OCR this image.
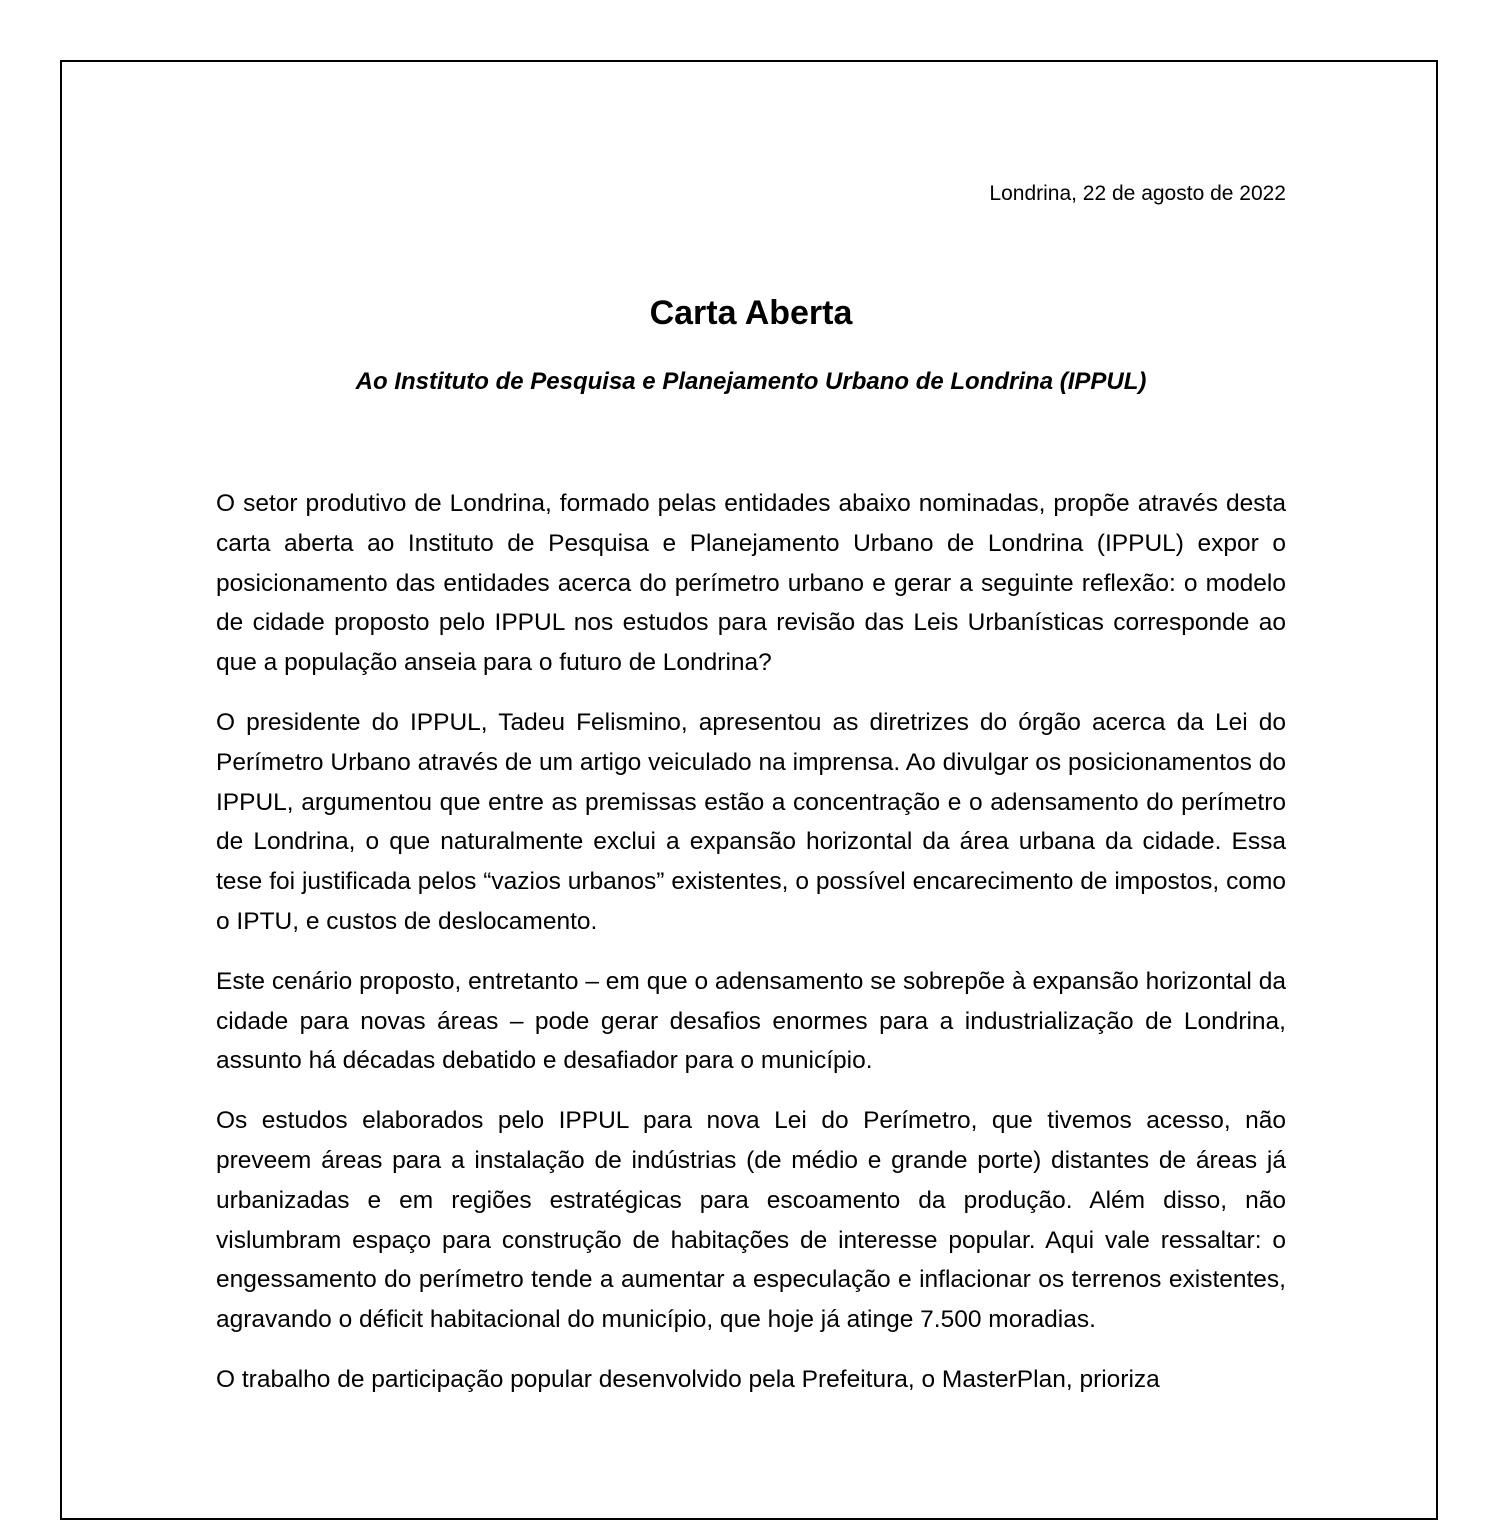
Londrina, 22 de agosto de 2022
Carta Aberta
Ao Instituto de Pesquisa e Planejamento Urbano de Londrina (IPPUL)

O setor produtivo de Londrina, formado pelas entidades abaixo nominadas, propõe através desta carta aberta ao Instituto de Pesquisa e Planejamento Urbano de Londrina (IPPUL) expor o posicionamento das entidades acerca do perímetro urbano e gerar a seguinte reflexão: o modelo de cidade proposto pelo IPPUL nos estudos para revisão das Leis Urbanísticas corresponde ao que a população anseia para o futuro de Londrina?

O presidente do IPPUL, Tadeu Felismino, apresentou as diretrizes do órgão acerca da Lei do Perímetro Urbano através de um artigo veiculado na imprensa. Ao divulgar os posicionamentos do IPPUL, argumentou que entre as premissas estão a concentração e o adensamento do perímetro de Londrina, o que naturalmente exclui a expansão horizontal da área urbana da cidade. Essa tese foi justificada pelos “vazios urbanos” existentes, o possível encarecimento de impostos, como o IPTU, e custos de deslocamento.

Este cenário proposto, entretanto – em que o adensamento se sobrepõe à expansão horizontal da cidade para novas áreas – pode gerar desafios enormes para a industrialização de Londrina, assunto há décadas debatido e desafiador para o município.

Os estudos elaborados pelo IPPUL para nova Lei do Perímetro, que tivemos acesso, não preveem áreas para a instalação de indústrias (de médio e grande porte) distantes de áreas já urbanizadas e em regiões estratégicas para escoamento da produção. Além disso, não vislumbram espaço para construção de habitações de interesse popular. Aqui vale ressaltar: o engessamento do perímetro tende a aumentar a especulação e inflacionar os terrenos existentes, agravando o déficit habitacional do município, que hoje já atinge 7.500 moradias.

O trabalho de participação popular desenvolvido pela Prefeitura, o MasterPlan, prioriza
